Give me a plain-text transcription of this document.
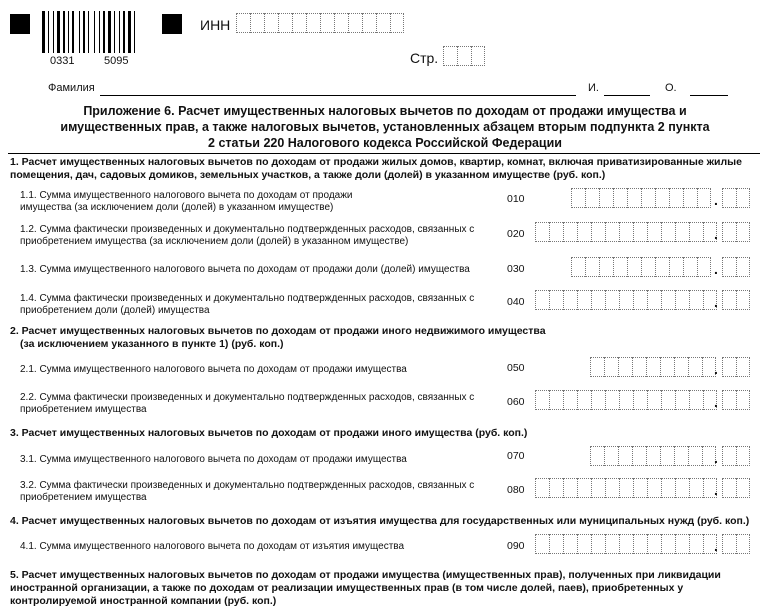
0331	5095
ИНН
Стр.
Фамилия	И.	О.
Приложение 6. Расчет имущественных налоговых вычетов по доходам от продажи имущества и имущественных прав, а также налоговых вычетов, установленных абзацем вторым подпункта 2 пункта 2 статьи 220 Налогового кодекса Российской Федерации
1. Расчет имущественных налоговых вычетов по доходам от продажи жилых домов, квартир, комнат, включая приватизированные жилые помещения, дач, садовых домиков, земельных участков, а также доли (долей) в указанном имуществе (руб. коп.)
1.1. Сумма имущественного налогового вычета по доходам от продажи имущества (за исключением доли (долей) в указанном имуществе)
010	.
1.2. Сумма фактически произведенных и документально подтвержденных расходов, связанных с приобретением имущества (за исключением доли (долей) в указанном имуществе)
020	.
1.3. Сумма имущественного налогового вычета по доходам от продажи доли (долей) имущества	030	.
1.4. Сумма фактически произведенных и документально подтвержденных расходов, связанных с приобретением доли (долей) имущества
040	.
2. Расчет имущественных налоговых вычетов по доходам от продажи иного недвижимого имущества
(за исключением указанного в пункте 1) (руб. коп.)
2.1. Сумма имущественного налогового вычета по доходам от продажи имущества	050	.
2.2. Сумма фактически произведенных и документально подтвержденных расходов, связанных с приобретением имущества
060	.
3. Расчет имущественных налоговых вычетов по доходам от продажи иного имущества (руб. коп.)
3.1. Сумма имущественного налогового вычета по доходам от продажи имущества	070	.
3.2. Сумма фактически произведенных и документально подтвержденных расходов, связанных с приобретением имущества
080	.
4. Расчет имущественных налоговых вычетов по доходам от изъятия имущества для государственных или муниципальных нужд (руб. коп.)
4.1. Сумма имущественного налогового вычета по доходам от изъятия имущества	090	.
5. Расчет имущественных налоговых вычетов по доходам от продажи имущества (имущественных прав), полученных при ликвидации иностранной организации, а также по доходам от реализации имущественных прав (в том числе долей, паев), приобретенных у контролируемой иностранной компании (руб. коп.)
